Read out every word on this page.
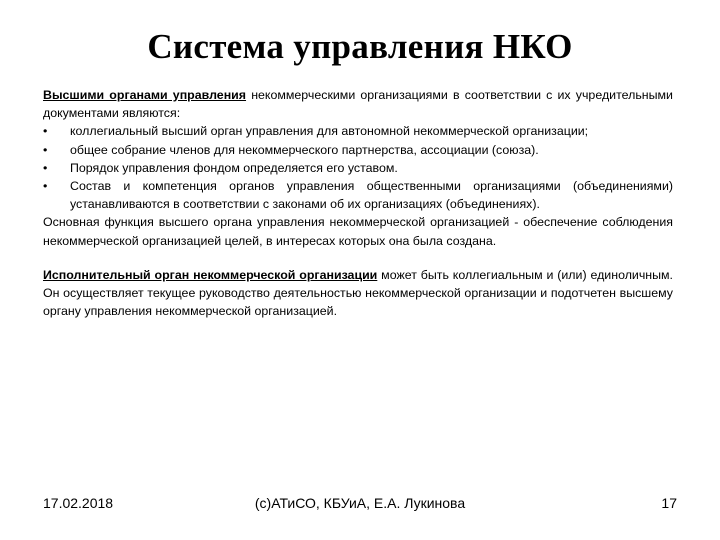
Система управления НКО

Высшими органами управления некоммерческими организациями в соответствии с их учредительными документами являются:

• коллегиальный высший орган управления для автономной некоммерческой организации;
• общее собрание членов для некоммерческого партнерства, ассоциации (союза).
• Порядок управления фондом определяется его уставом.
• Состав и компетенция органов управления общественными организациями (объединениями) устанавливаются в соответствии с законами об их организациях (объединениях).

Основная функция высшего органа управления некоммерческой организацией - обеспечение соблюдения некоммерческой организацией целей, в интересах которых она была создана.

Исполнительный орган некоммерческой организации может быть коллегиальным и (или) единоличным. Он осуществляет текущее руководство деятельностью некоммерческой организации и подотчетен высшему органу управления некоммерческой организацией.

17.02.2018	(c)АТиСО, КБУиА, Е.А. Лукинова	17
